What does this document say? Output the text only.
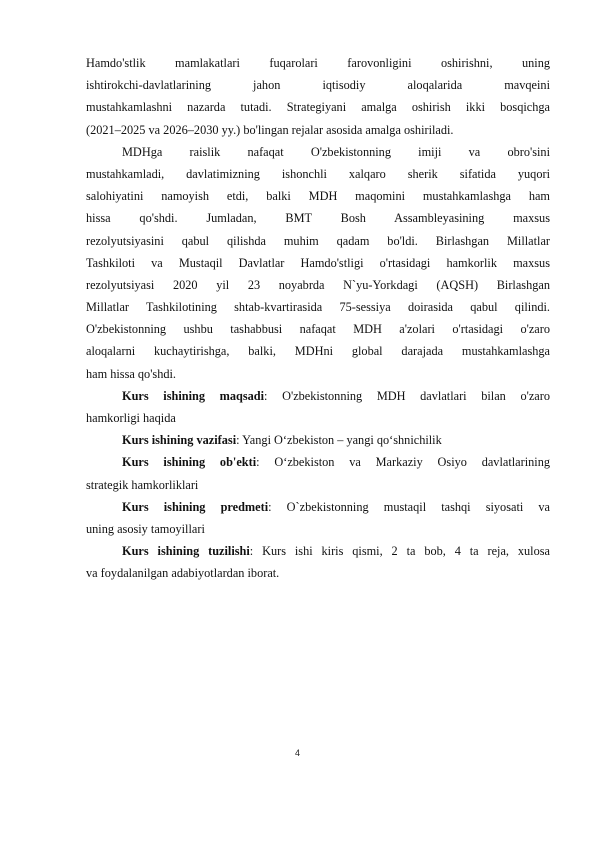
Hamdo'stlik mamlakatlari fuqarolari farovonligini oshirishni, uning
ishtirokchi-davlatlarining jahon iqtisodiy aloqalarida mavqeini
mustahkamlashni nazarda tutadi. Strategiyani amalga oshirish ikki bosqichga
(2021–2025 va 2026–2030 yy.) bo'lingan rejalar asosida amalga oshiriladi.
MDHga raislik nafaqat O'zbekistonning imiji va obro'sini
mustahkamladi, davlatimizning ishonchli xalqaro sherik sifatida yuqori
salohiyatini namoyish etdi, balki MDH maqomini mustahkamlashga ham
hissa qo'shdi. Jumladan, BMT Bosh Assambleyasining maxsus
rezolyutsiyasini qabul qilishda muhim qadam bo'ldi. Birlashgan Millatlar
Tashkiloti va Mustaqil Davlatlar Hamdo'stligi o'rtasidagi hamkorlik maxsus
rezolyutsiyasi 2020 yil 23 noyabrda N`yu-Yorkdagi (AQSH) Birlashgan
Millatlar Tashkilotining shtab-kvartirasida 75-sessiya doirasida qabul qilindi.
O'zbekistonning ushbu tashabbusi nafaqat MDH a'zolari o'rtasidagi o'zaro
aloqalarni kuchaytirishga, balki, MDHni global darajada mustahkamlashga
ham hissa qo'shdi.
Kurs ishining maqsadi: O'zbekistonning MDH davlatlari bilan o'zaro
hamkorligi haqida
Kurs ishining vazifasi: Yangi O‘zbekiston – yangi qo‘shnichilik
Kurs ishining ob'ekti: O‘zbekiston va Markaziy Osiyo davlatlarining
strategik hamkorliklari
Kurs ishining predmeti: O`zbekistonning mustaqil tashqi siyosati va
uning asosiy tamoyillari
Kurs ishining tuzilishi: Kurs ishi kiris qismi, 2 ta bob, 4 ta reja, xulosa
va foydalanilgan adabiyotlardan iborat.
4
